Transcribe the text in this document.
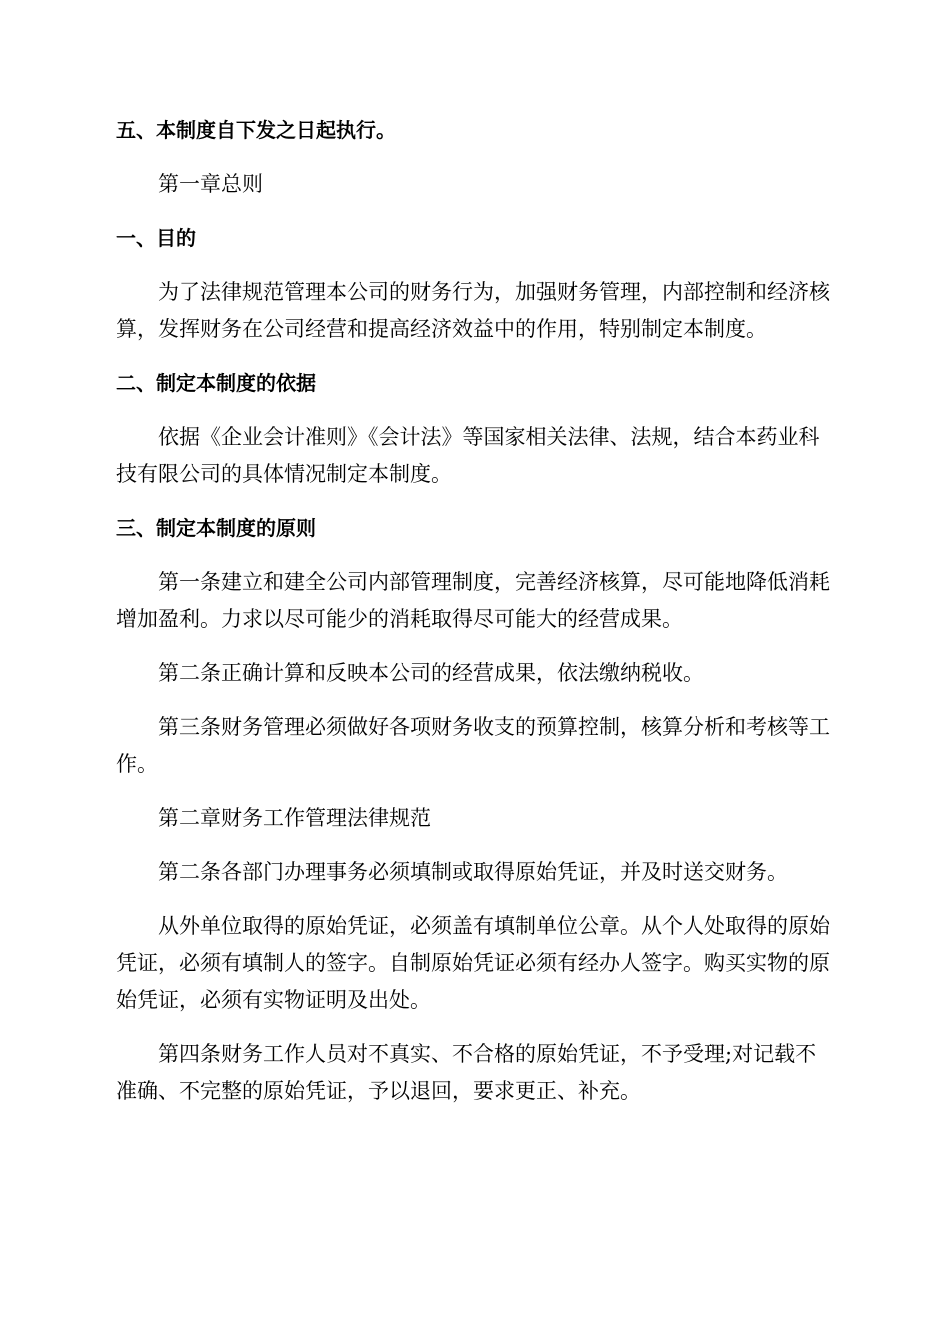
五、本制度自下发之日起执行。

第一章总则

一、目的

为了法律规范管理本公司的财务行为，加强财务管理，内部控制和经济核算，发挥财务在公司经营和提高经济效益中的作用，特别制定本制度。

二、制定本制度的依据

依据《企业会计准则》《会计法》等国家相关法律、法规，结合本药业科技有限公司的具体情况制定本制度。

三、制定本制度的原则

第一条建立和建全公司内部管理制度，完善经济核算，尽可能地降低消耗增加盈利。力求以尽可能少的消耗取得尽可能大的经营成果。

第二条正确计算和反映本公司的经营成果，依法缴纳税收。

第三条财务管理必须做好各项财务收支的预算控制，核算分析和考核等工作。

第二章财务工作管理法律规范

第二条各部门办理事务必须填制或取得原始凭证，并及时送交财务。

从外单位取得的原始凭证，必须盖有填制单位公章。从个人处取得的原始凭证，必须有填制人的签字。自制原始凭证必须有经办人签字。购买实物的原始凭证，必须有实物证明及出处。

第四条财务工作人员对不真实、不合格的原始凭证，不予受理;对记载不准确、不完整的原始凭证，予以退回，要求更正、补充。
